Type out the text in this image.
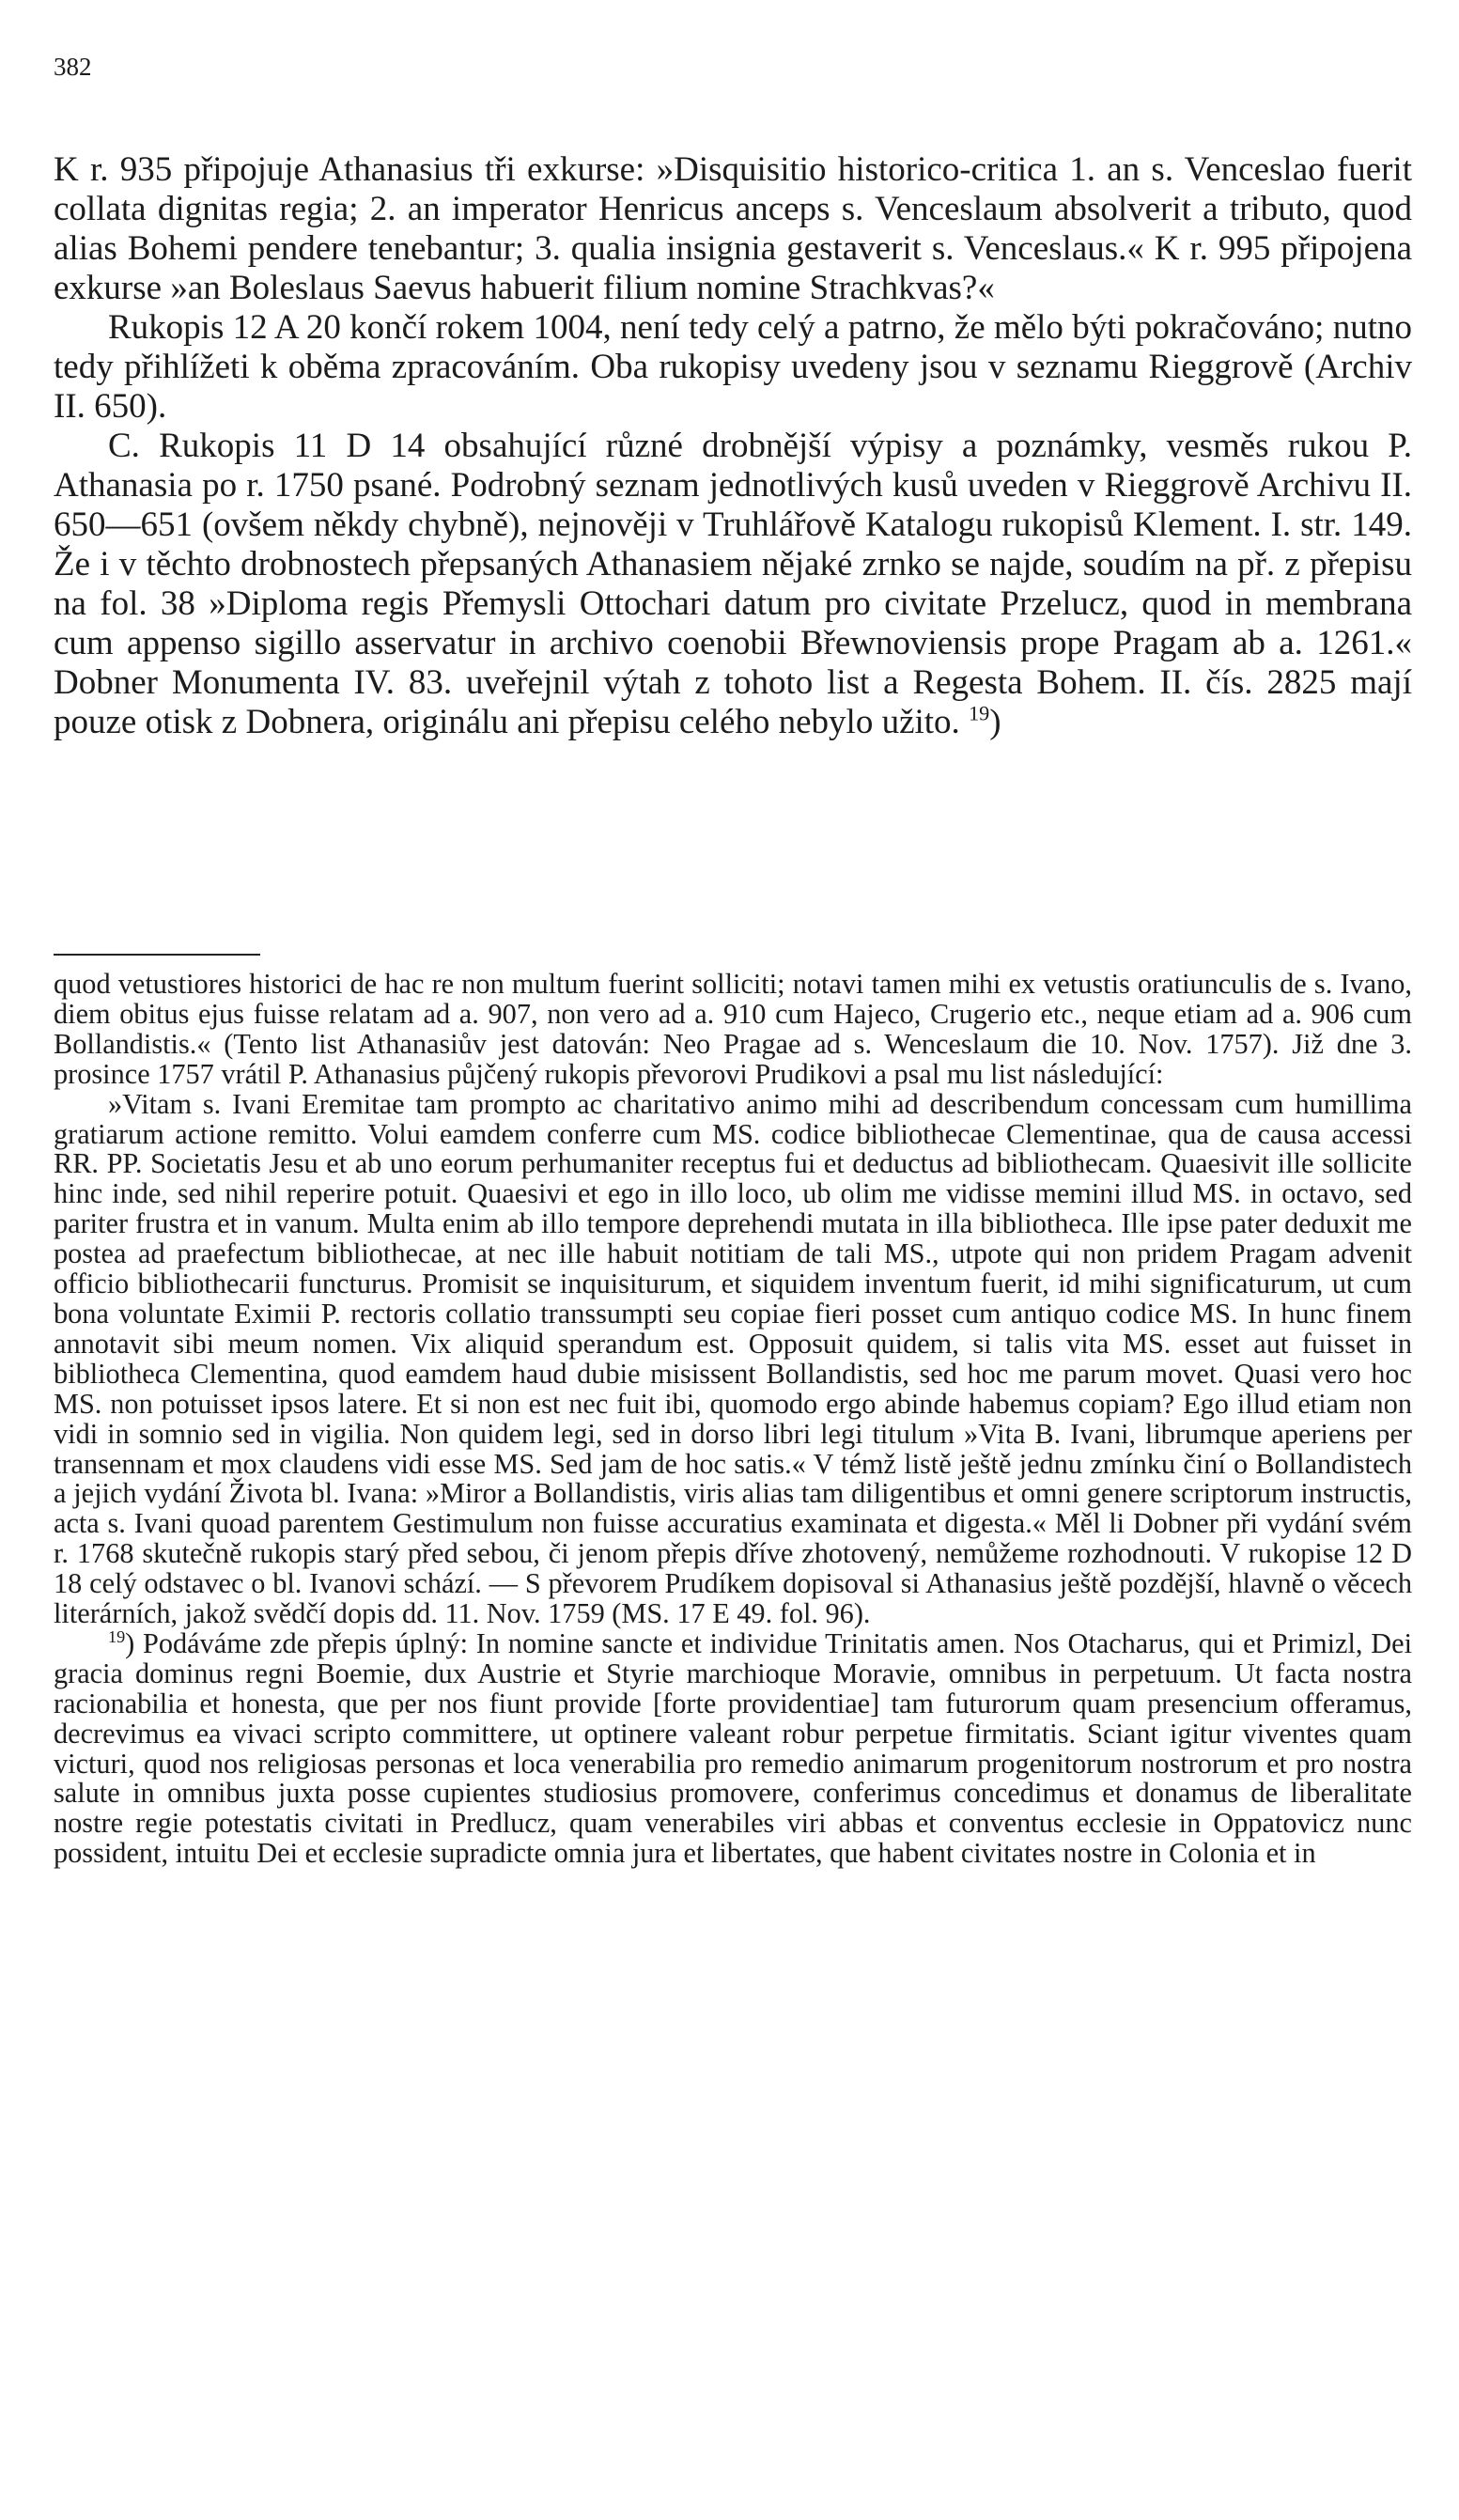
382

K r. 935 připojuje Athanasius tři exkurse: »Disquisitio historico-critica 1. an s. Venceslao fuerit collata dignitas regia; 2. an imperator Henricus anceps s. Venceslaum absolverit a tributo, quod alias Bohemi pendere tenebantur; 3. qualia insignia gestaverit s. Venceslaus.« K r. 995 připojena exkurse »an Boleslaus Saevus habuerit filium nomine Strachkvas?«

Rukopis 12 A 20 končí rokem 1004, není tedy celý a patrno, že mělo býti pokračováno; nutno tedy přihlížeti k oběma zpracováním. Oba rukopisy uvedeny jsou v seznamu Rieggrově (Archiv II. 650).

C. Rukopis 11 D 14 obsahující různé drobnější výpisy a poznámky, vesměs rukou P. Athanasia po r. 1750 psané. Podrobný seznam jednotlivých kusů uveden v Rieggrově Archivu II. 650—651 (ovšem někdy chybně), nejnověji v Truhlářově Katalogu rukopisů Klement. I. str. 149. Že i v těchto drobnostech přepsaných Athanasiem nějaké zrnko se najde, soudím na př. z přepisu na fol. 38 »Diploma regis Přemysli Ottochari datum pro civitate Przelucz, quod in membrana cum appenso sigillo asservatur in archivo coenobii Břewnoviensis prope Pragam ab a. 1261.« Dobner Monumenta IV. 83. uveřejnil výtah z tohoto list a Regesta Bohem. II. čís. 2825 mají pouze otisk z Dobnera, originálu ani přepisu celého nebylo užito. $^{19}$)

quod vetustiores historici de hac re non multum fuerint solliciti; notavi tamen mihi ex vetustis oratiunculis de s. Ivano, diem obitus ejus fuisse relatam ad a. 907, non vero ad a. 910 cum Hajeco, Crugerio etc., neque etiam ad a. 906 cum Bollandistis.« (Tento list Athanasiův jest datován: Neo Pragae ad s. Wenceslaum die 10. Nov. 1757). Již dne 3. prosince 1757 vrátil P. Athanasius půjčený rukopis převorovi Prudikovi a psal mu list následující:

»Vitam s. Ivani Eremitae tam prompto ac charitativo animo mihi ad describendum concessam cum humillima gratiarum actione remitto. Volui eamdem conferre cum MS. codice bibliothecae Clementinae, qua de causa accessi RR. PP. Societatis Jesu et ab uno eorum perhumaniter receptus fui et deductus ad bibliothecam. Quaesivit ille sollicite hinc inde, sed nihil reperire potuit. Quaesivi et ego in illo loco, ub olim me vidisse memini illud MS. in octavo, sed pariter frustra et in vanum. Multa enim ab illo tempore deprehendi mutata in illa bibliotheca. Ille ipse pater deduxit me postea ad praefectum bibliothecae, at nec ille habuit notitiam de tali MS., utpote qui non pridem Pragam advenit officio bibliothecarii functurus. Promisit se inquisiturum, et siquidem inventum fuerit, id mihi significaturum, ut cum bona voluntate Eximii P. rectoris collatio transsumpti seu copiae fieri posset cum antiquo codice MS. In hunc finem annotavit sibi meum nomen. Vix aliquid sperandum est. Opposuit quidem, si talis vita MS. esset aut fuisset in bibliotheca Clementina, quod eamdem haud dubie misissent Bollandistis, sed hoc me parum movet. Quasi vero hoc MS. non potuisset ipsos latere. Et si non est nec fuit ibi, quomodo ergo abinde habemus copiam? Ego illud etiam non vidi in somnio sed in vigilia. Non quidem legi, sed in dorso libri legi titulum »Vita B. Ivani, librumque aperiens per transennam et mox claudens vidi esse MS. Sed jam de hoc satis.« V témž listě ještě jednu zmínku činí o Bollandistech a jejich vydání Života bl. Ivana: »Miror a Bollandistis, viris alias tam diligentibus et omni genere scriptorum instructis, acta s. Ivani quoad parentem Gestimulum non fuisse accuratius examinata et digesta.« Měl li Dobner při vydání svém r. 1768 skutečně rukopis starý před sebou, či jenom přepis dříve zhotovený, nemůžeme rozhodnouti. V rukopise 12 D 18 celý odstavec o bl. Ivanovi schází. — S převorem Prudíkem dopisoval si Athanasius ještě pozdější, hlavně o věcech literárních, jakož svědčí dopis dd. 11. Nov. 1759 (MS. 17 E 49. fol. 96).

$^{19}$) Podáváme zde přepis úplný: In nomine sancte et individue Trinitatis amen. Nos Otacharus, qui et Primizl, Dei gracia dominus regni Boemie, dux Austrie et Styrie marchioque Moravie, omnibus in perpetuum. Ut facta nostra racionabilia et honesta, que per nos fiunt provide [forte providentiae] tam futurorum quam presencium offeramus, decrevimus ea vivaci scripto committere, ut optinere valeant robur perpetue firmitatis. Sciant igitur viventes quam victuri, quod nos religiosas personas et loca venerabilia pro remedio animarum progenitorum nostrorum et pro nostra salute in omnibus juxta posse cupientes studiosius promovere, conferimus concedimus et donamus de liberalitate nostre regie potestatis civitati in Predlucz, quam venerabiles viri abbas et conventus ecclesie in Oppatovicz nunc possident, intuitu Dei et ecclesie supradicte omnia jura et libertates, que habent civitates nostre in Colonia et in
